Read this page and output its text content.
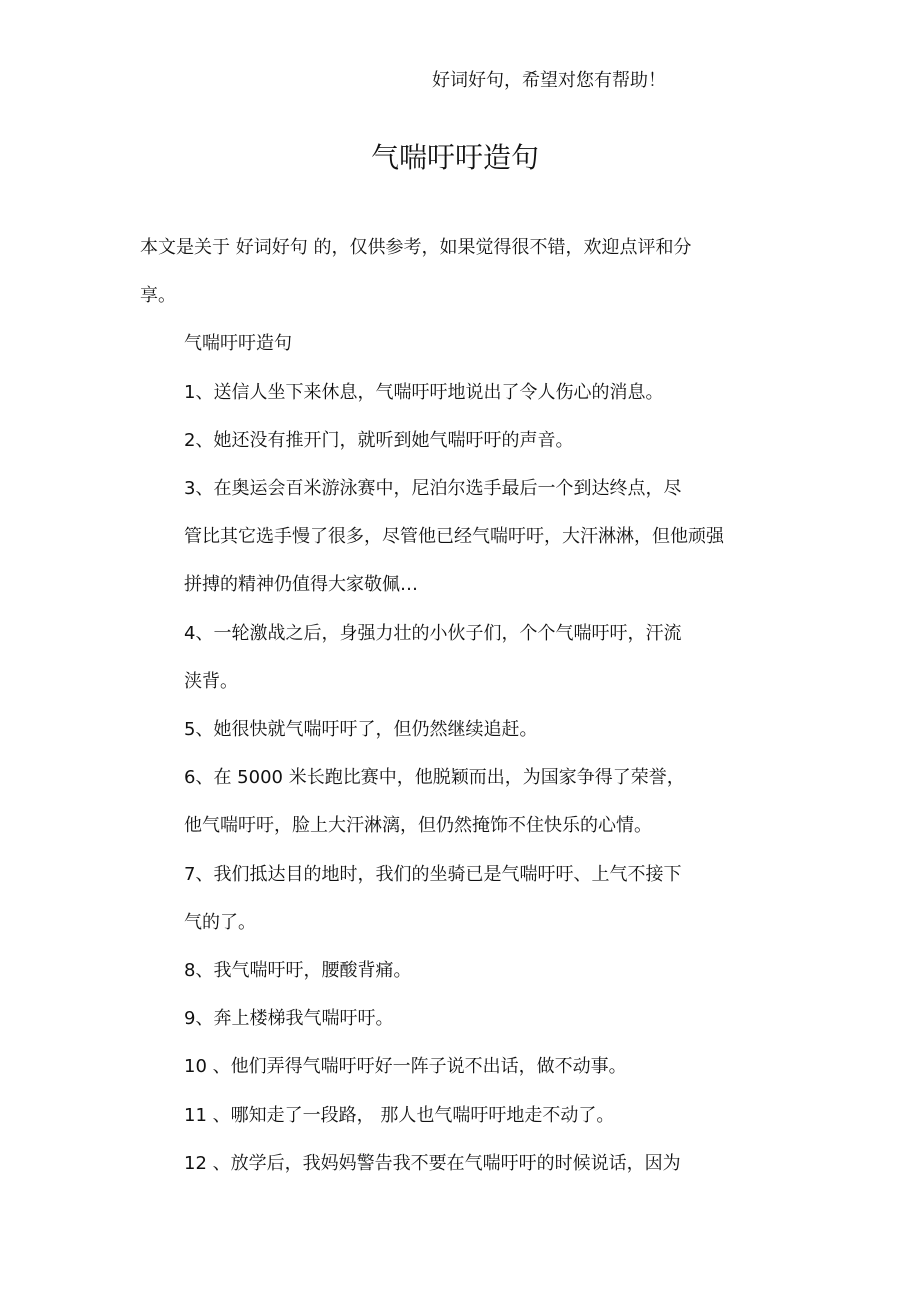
好词好句，希望对您有帮助！
气喘吁吁造句

本文是关于 好词好句 的，仅供参考，如果觉得很不错，欢迎点评和分
享。

气喘吁吁造句

1、送信人坐下来休息，气喘吁吁地说出了令人伤心的消息。

2、她还没有推开门，就听到她气喘吁吁的声音。

3、在奥运会百米游泳赛中，尼泊尔选手最后一个到达终点，尽
管比其它选手慢了很多，尽管他已经气喘吁吁，大汗淋淋，但他顽强
拼搏的精神仍值得大家敬佩…

4、一轮激战之后，身强力壮的小伙子们，个个气喘吁吁，汗流
浃背。

5、她很快就气喘吁吁了，但仍然继续追赶。

6、在 5000 米长跑比赛中，他脱颖而出，为国家争得了荣誉，
他气喘吁吁，脸上大汗淋漓，但仍然掩饰不住快乐的心情。

7、我们抵达目的地时，我们的坐骑已是气喘吁吁、上气不接下
气的了。

8、我气喘吁吁，腰酸背痛。

9、奔上楼梯我气喘吁吁。

10 、他们弄得气喘吁吁好一阵子说不出话，做不动事。

11 、哪知走了一段路， 那人也气喘吁吁地走不动了。

12 、放学后，我妈妈警告我不要在气喘吁吁的时候说话，因为
